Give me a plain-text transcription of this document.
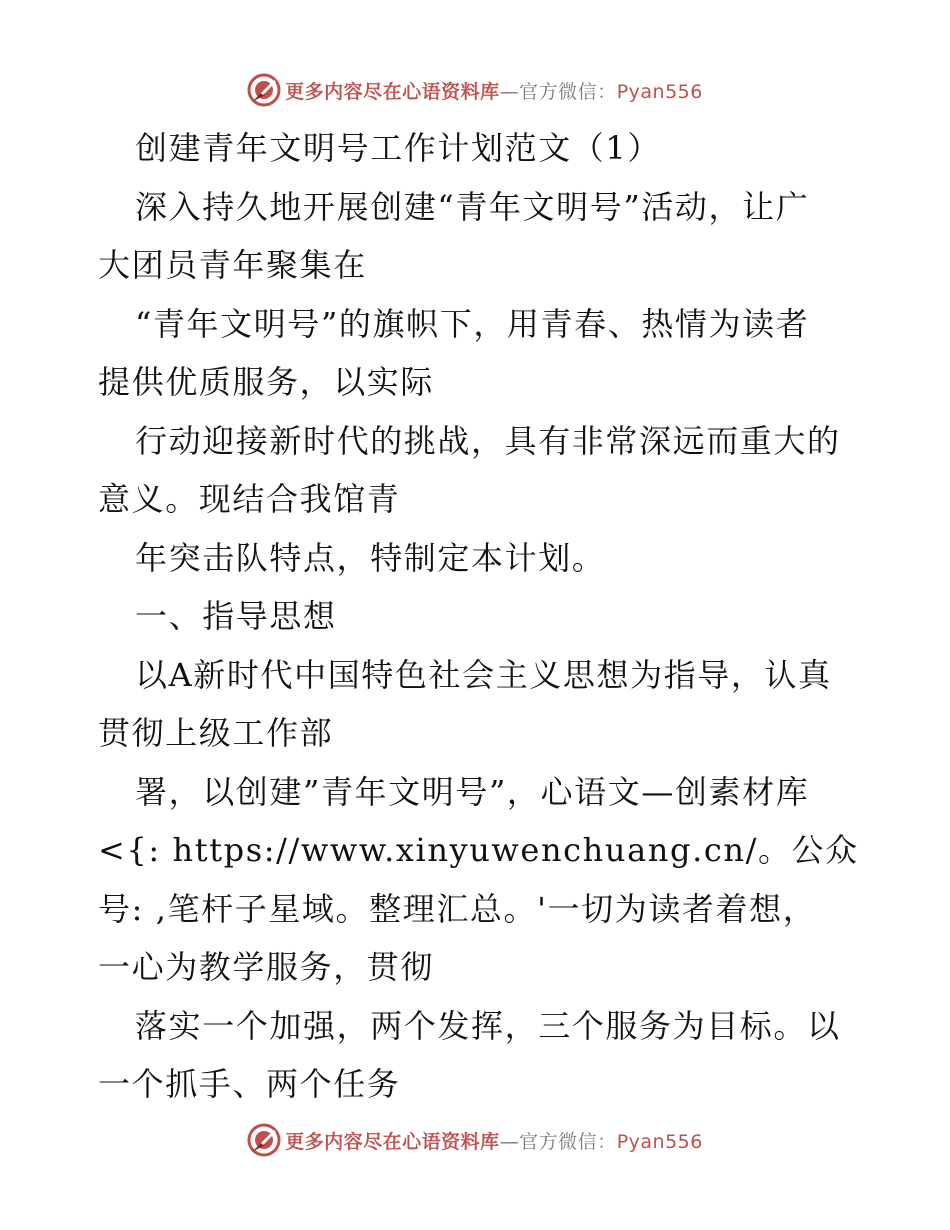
更多内容尽在心语资料库—官方微信：Pyan556
创建青年文明号工作计划范文（1）
深入持久地开展创建“青年文明号”活动，让广
大团员青年聚集在
“青年文明号”的旗帜下，用青春、热情为读者
提供优质服务，以实际
行动迎接新时代的挑战，具有非常深远而重大的
意义。现结合我馆青
年突击队特点，特制定本计划。
一、指导思想
以A新时代中国特色社会主义思想为指导，认真
贯彻上级工作部
署，以创建”青年文明号”，心语文—创素材库
<{: https://www.xinyuwenchuang.cn/。公众
号: ,笔杆子星域。整理汇总。'一切为读者着想，
一心为教学服务，贯彻
落实一个加强，两个发挥，三个服务为目标。以
一个抓手、两个任务
更多内容尽在心语资料库—官方微信：Pyan556
